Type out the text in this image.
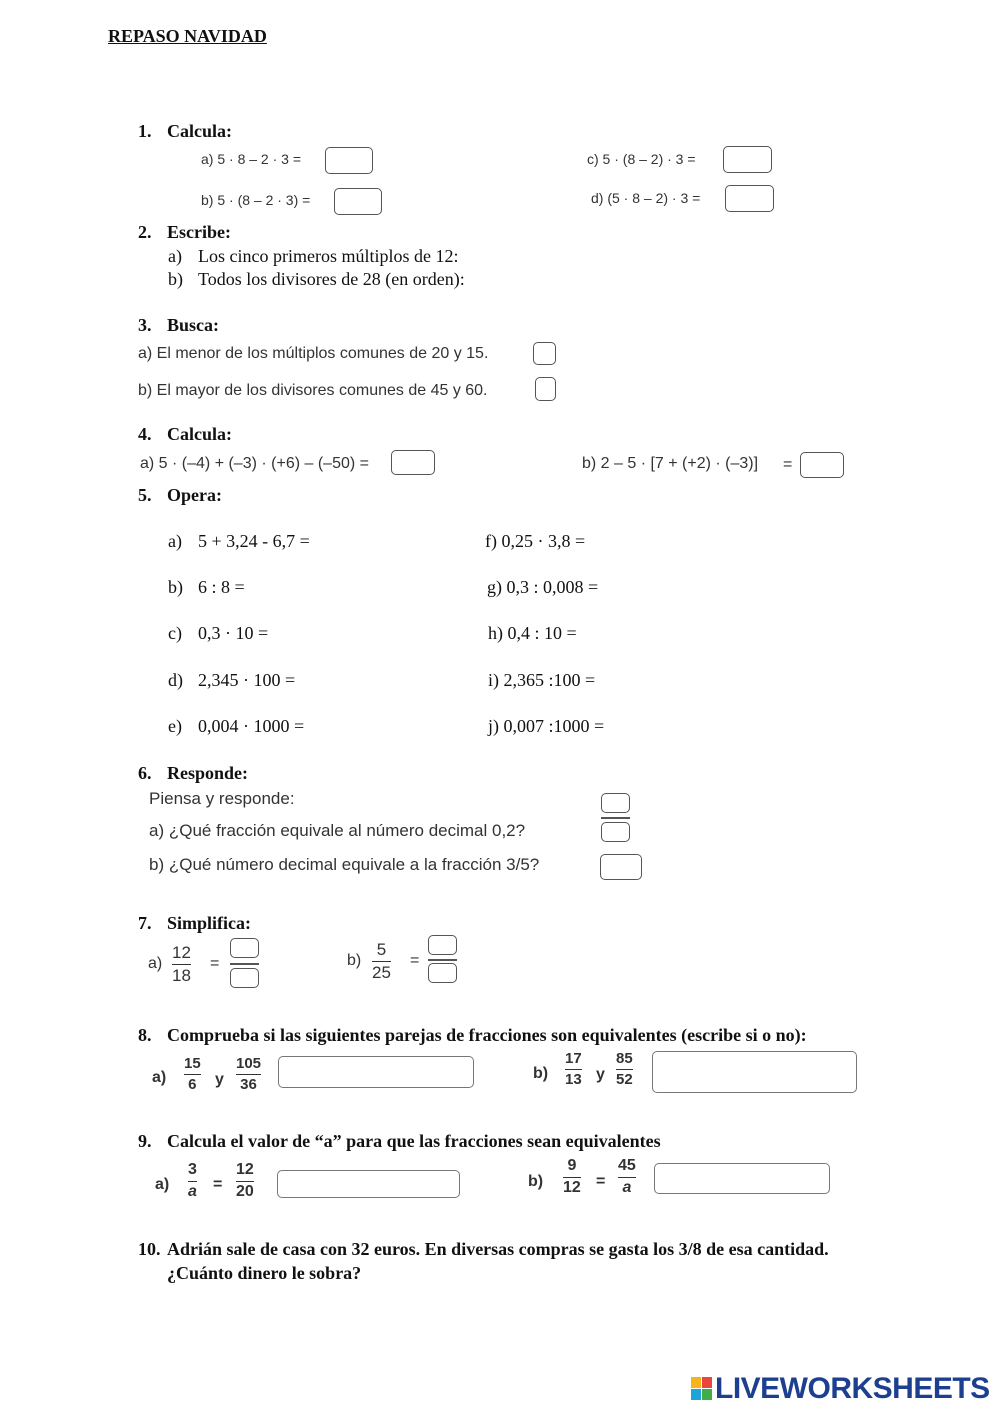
REPASO NAVIDAD
1. Calcula:
a) 5 · 8 – 2 · 3 =
b) 5 · (8 – 2 · 3) =
c) 5 · (8 – 2) · 3 =
d) (5 · 8 – 2) · 3 =
2. Escribe:
a) Los cinco primeros múltiplos de 12:
b) Todos los divisores de 28 (en orden):
3. Busca:
a) El menor de los múltiplos comunes de 20 y 15.
b) El mayor de los divisores comunes de 45 y 60.
4. Calcula:
a) 5 · (–4) + (–3) · (+6) – (–50) =	b) 2 – 5 · [7 + (+2) · (–3)] =
5. Opera:
a) 5 + 3,24 - 6,7 =
b) 6 : 8 =
c) 0,3 · 10 =
d) 2,345 · 100 =
e) 0,004 · 1000 =
f) 0,25 · 3,8 =
g) 0,3 : 0,008 =
h) 0,4 : 10 =
i) 2,365 :100 =
j) 0,007 :1000 =
6. Responde:
Piensa y responde:
a) ¿Qué fracción equivale al número decimal 0,2?
b) ¿Qué número decimal equivale a la fracción 3/5?
7. Simplifica:
a)
12
18
=	b)
5
25
=
8. Comprueba si las siguientes parejas de fracciones son equivalentes (escribe si o no):
a)
15
6 y
105
36
b)
17
13 y
85
52
9. Calcula el valor de “a” para que las fracciones sean equivalentes
a)
3
a =
12
20
b)
9
12 =
45
a
10. Adrián sale de casa con 32 euros. En diversas compras se gasta los 3/8 de esa cantidad.
¿Cuánto dinero le sobra?
LIVEWORKSHEETS
